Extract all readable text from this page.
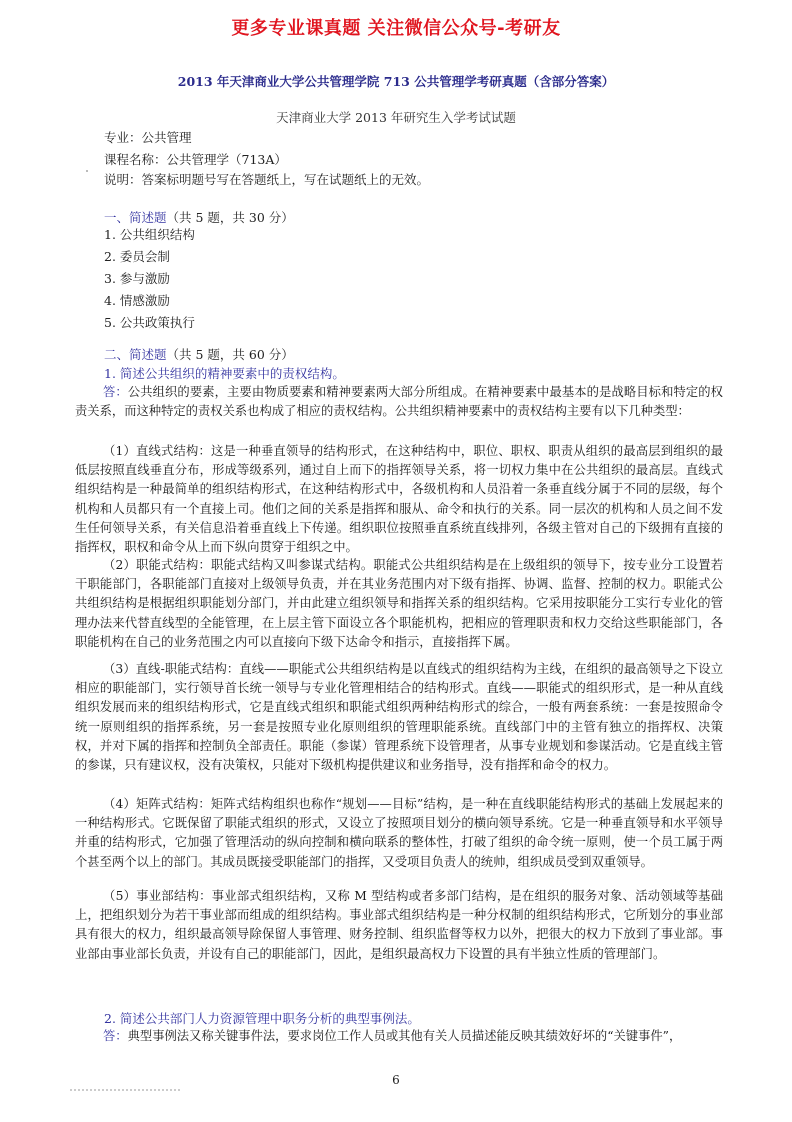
更多专业课真题 关注微信公众号-考研友
2013 年天津商业大学公共管理学院 713 公共管理学考研真题（含部分答案）
天津商业大学 2013 年研究生入学考试试题
专业：公共管理
课程名称：公共管理学（713A）
说明：答案标明题号写在答题纸上，写在试题纸上的无效。
一、简述题（共 5 题，共 30 分）
1. 公共组织结构
2. 委员会制
3. 参与激励
4. 情感激励
5. 公共政策执行
二、简述题（共 5 题，共 60 分）
1. 简述公共组织的精神要素中的责权结构。

答：公共组织的要素，主要由物质要素和精神要素两大部分所组成。在精神要素中最基本的是战略目标和特定的权责关系，而这种特定的责权关系也构成了相应的责权结构。公共组织精神要素中的责权结构主要有以下几种类型：

（1）直线式结构：这是一种垂直领导的结构形式，在这种结构中，职位、职权、职责从组织的最高层到组织的最低层按照直线垂直分布，形成等级系列，通过自上而下的指挥领导关系，将一切权力集中在公共组织的最高层。直线式组织结构是一种最简单的组织结构形式，在这种结构形式中，各级机构和人员沿着一条垂直线分属于不同的层级，每个机构和人员都只有一个直接上司。他们之间的关系是指挥和服从、命令和执行的关系。同一层次的机构和人员之间不发生任何领导关系，有关信息沿着垂直线上下传递。组织职位按照垂直系统直线排列，各级主管对自己的下级拥有直接的指挥权，职权和命令从上而下纵向贯穿于组织之中。

（2）职能式结构：职能式结构又叫参谋式结构。职能式公共组织结构是在上级组织的领导下，按专业分工设置若干职能部门，各职能部门直接对上级领导负责，并在其业务范围内对下级有指挥、协调、监督、控制的权力。职能式公共组织结构是根据组织职能划分部门，并由此建立组织领导和指挥关系的组织结构。它采用按职能分工实行专业化的管理办法来代替直线型的全能管理，在上层主管下面设立各个职能机构，把相应的管理职责和权力交给这些职能部门，各职能机构在自己的业务范围之内可以直接向下级下达命令和指示，直接指挥下属。

（3）直线-职能式结构：直线——职能式公共组织结构是以直线式的组织结构为主线，在组织的最高领导之下设立相应的职能部门，实行领导首长统一领导与专业化管理相结合的结构形式。直线——职能式的组织形式，是一种从直线组织发展而来的组织结构形式，它是直线式组织和职能式组织两种结构形式的综合，一般有两套系统：一套是按照命令统一原则组织的指挥系统，另一套是按照专业化原则组织的管理职能系统。直线部门中的主管有独立的指挥权、决策权，并对下属的指挥和控制负全部责任。职能（参谋）管理系统下设管理者，从事专业规划和参谋活动。它是直线主管的参谋，只有建议权，没有决策权，只能对下级机构提供建议和业务指导，没有指挥和命令的权力。

（4）矩阵式结构：矩阵式结构组织也称作“规划——目标”结构，是一种在直线职能结构形式的基础上发展起来的一种结构形式。它既保留了职能式组织的形式，又设立了按照项目划分的横向领导系统。它是一种垂直领导和水平领导并重的结构形式，它加强了管理活动的纵向控制和横向联系的整体性，打破了组织的命令统一原则，使一个员工属于两个甚至两个以上的部门。其成员既接受职能部门的指挥，又受项目负责人的统帅，组织成员受到双重领导。

（5）事业部结构：事业部式组织结构，又称 M 型结构或者多部门结构，是在组织的服务对象、活动领域等基础上，把组织划分为若干事业部而组成的组织结构。事业部式组织结构是一种分权制的组织结构形式，它所划分的事业部具有很大的权力，组织最高领导除保留人事管理、财务控制、组织监督等权力以外，把很大的权力下放到了事业部。事业部由事业部长负责，并设有自己的职能部门，因此，是组织最高权力下设置的具有半独立性质的管理部门。

2. 简述公共部门人力资源管理中职务分析的典型事例法。

答：典型事例法又称关键事件法，要求岗位工作人员或其他有关人员描述能反映其绩效好坏的“关键事件”，

6
